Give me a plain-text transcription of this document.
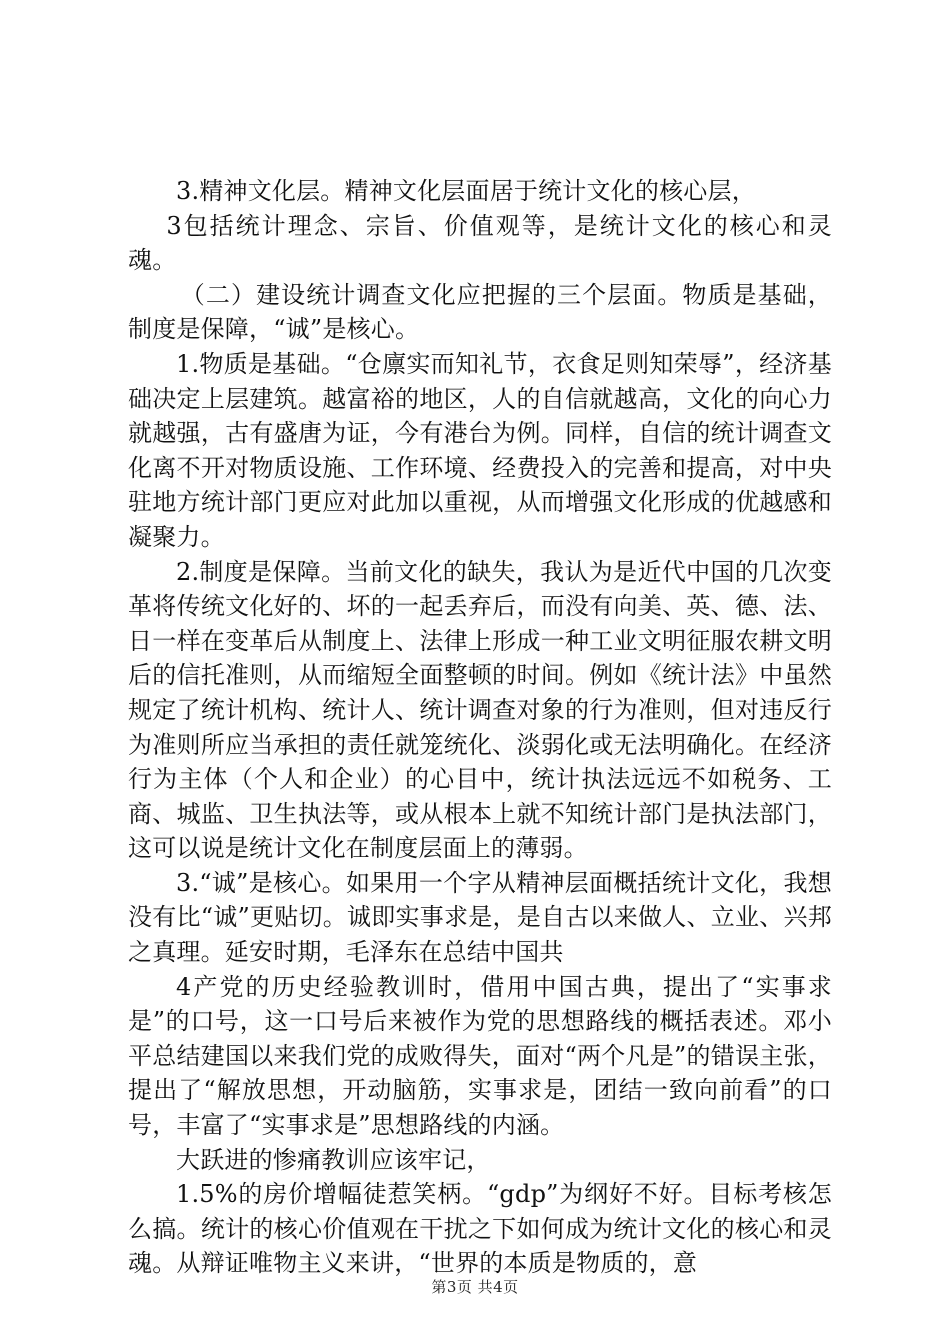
3.精神文化层。精神文化层面居于统计文化的核心层，

3包括统计理念、宗旨、价值观等，是统计文化的核心和灵魂。

（二）建设统计调查文化应把握的三个层面。物质是基础，制度是保障，“诚”是核心。

1.物质是基础。“仓廪实而知礼节，衣食足则知荣辱”，经济基础决定上层建筑。越富裕的地区，人的自信就越高，文化的向心力就越强，古有盛唐为证，今有港台为例。同样，自信的统计调查文化离不开对物质设施、工作环境、经费投入的完善和提高，对中央驻地方统计部门更应对此加以重视，从而增强文化形成的优越感和凝聚力。

2.制度是保障。当前文化的缺失，我认为是近代中国的几次变革将传统文化好的、坏的一起丢弃后，而没有向美、英、德、法、日一样在变革后从制度上、法律上形成一种工业文明征服农耕文明后的信托准则，从而缩短全面整顿的时间。例如《统计法》中虽然规定了统计机构、统计人、统计调查对象的行为准则，但对违反行为准则所应当承担的责任就笼统化、淡弱化或无法明确化。在经济行为主体（个人和企业）的心目中，统计执法远远不如税务、工商、城监、卫生执法等，或从根本上就不知统计部门是执法部门，这可以说是统计文化在制度层面上的薄弱。

3.“诚”是核心。如果用一个字从精神层面概括统计文化，我想没有比“诚”更贴切。诚即实事求是，是自古以来做人、立业、兴邦之真理。延安时期，毛泽东在总结中国共

4产党的历史经验教训时，借用中国古典，提出了“实事求是”的口号，这一口号后来被作为党的思想路线的概括表述。邓小平总结建国以来我们党的成败得失，面对“两个凡是”的错误主张，提出了“解放思想，开动脑筋，实事求是，团结一致向前看”的口号，丰富了“实事求是”思想路线的内涵。

大跃进的惨痛教训应该牢记，

1.5%的房价增幅徒惹笑柄。“gdp”为纲好不好。目标考核怎么搞。统计的核心价值观在干扰之下如何成为统计文化的核心和灵魂。从辩证唯物主义来讲，“世界的本质是物质的，意

第3页 共4页
